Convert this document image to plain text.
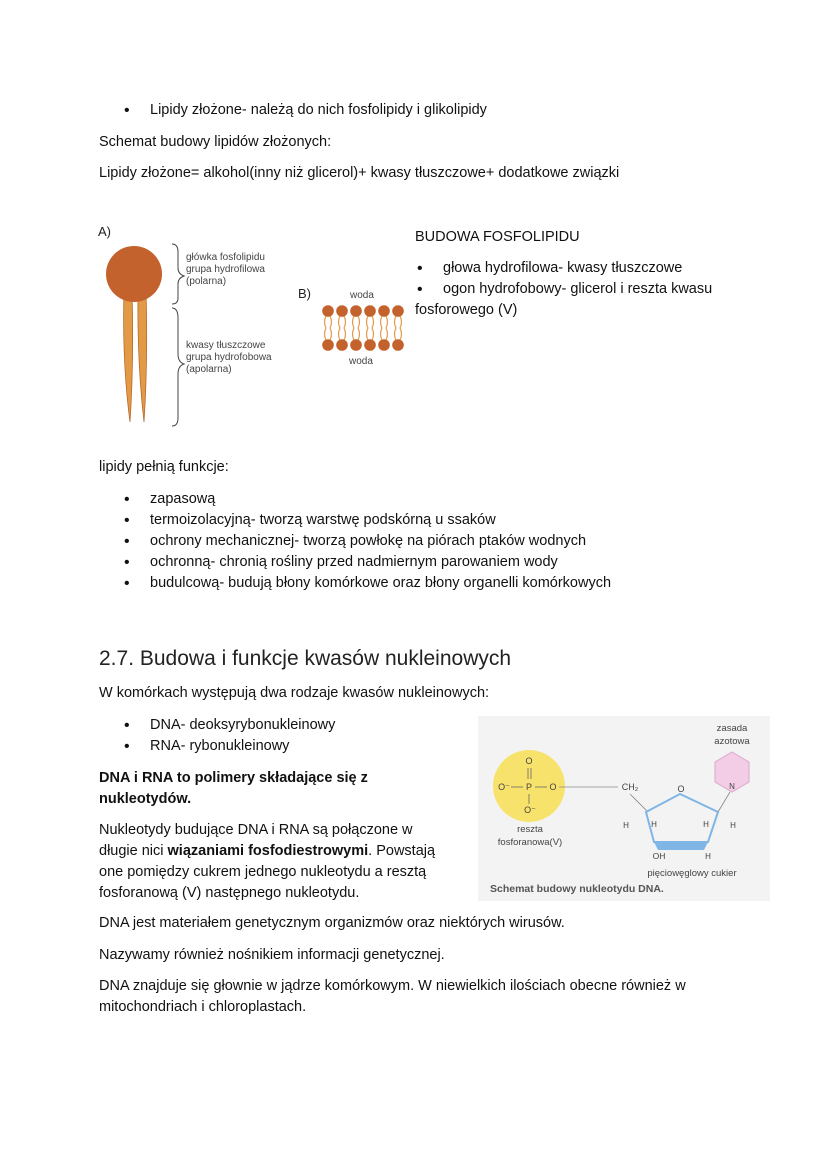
• Lipidy złożone- należą do nich fosfolipidy i glikolipidy
Schemat budowy lipidów złożonych:
Lipidy złożone= alkohol(inny niż glicerol)+ kwasy tłuszczowe+ dodatkowe związki
A)
główka fosfolipidu
grupa hydrofilowa
(polarna)
kwasy tłuszczowe
grupa hydrofobowa
(apolarna)
B)	woda
woda
BUDOWA FOSFOLIPIDU
• głowa hydrofilowa- kwasy tłuszczowe
• ogon hydrofobowy- glicerol i reszta kwasu
fosforowego (V)
lipidy pełnią funkcje:
• zapasową
• termoizolacyjną- tworzą warstwę podskórną u ssaków
• ochrony mechanicznej- tworzą powłokę na piórach ptaków wodnych
• ochronną- chronią rośliny przed nadmiernym parowaniem wody
• budulcową- budują błony komórkowe oraz błony organelli komórkowych
2.7. Budowa i funkcje kwasów nukleinowych
W komórkach występują dwa rodzaje kwasów nukleinowych:
• DNA- deoksyrybonukleinowy
• RNA- rybonukleinowy
DNA i RNA to polimery składające się z
nukleotydów.
Nukleotydy budujące DNA i RNA są połączone w
długie nici wiązaniami fosfodiestrowymi. Powstają
one pomiędzy cukrem jednego nukleotydu a resztą
fosforanową (V) następnego nukleotydu.
zasada
azotowa
O
O⁻ P O
O⁻
reszta
fosforanowa(V)
CH₂	O
H	H	H	H
OH	H
N
pięciowęglowy cukier
Schemat budowy nukleotydu DNA.
DNA jest materiałem genetycznym organizmów oraz niektórych wirusów.
Nazywamy również nośnikiem informacji genetycznej.
DNA znajduje się głownie w jądrze komórkowym. W niewielkich ilościach obecne również w
mitochondriach i chloroplastach.
